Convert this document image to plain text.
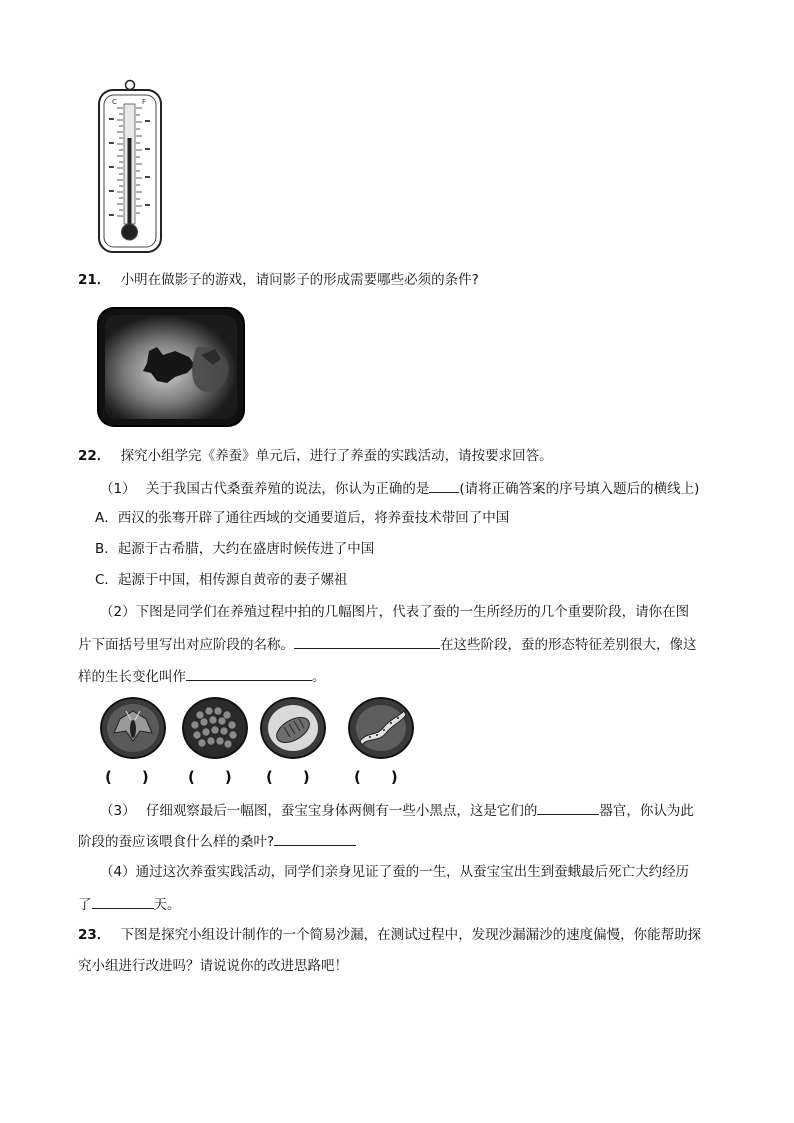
C	F
21． 小明在做影子的游戏，请问影子的形成需要哪些必须的条件?
22． 探究小组学完《养蚕》单元后，进行了养蚕的实践活动，请按要求回答。
（1） 关于我国古代桑蚕养殖的说法，你认为正确的是 (请将正确答案的序号填入题后的横线上)
A．西汉的张骞开辟了通往西域的交通要道后，将养蚕技术带回了中国
B．起源于古希腊，大约在盛唐时候传进了中国
C．起源于中国，相传源自黄帝的妻子嫘祖
（2）下图是同学们在养殖过程中拍的几幅图片，代表了蚕的一生所经历的几个重要阶段，请你在图
片下面括号里写出对应阶段的名称。	在这些阶段，蚕的形态特征差别很大，像这
样的生长变化叫作	。
(　　)	(　　) (　　)	(　　)
（3） 仔细观察最后一幅图，蚕宝宝身体两侧有一些小黑点，这是它们的	器官，你认为此
阶段的蚕应该喂食什么样的桑叶?
（4）通过这次养蚕实践活动，同学们亲身见证了蚕的一生，从蚕宝宝出生到蚕蛾最后死亡大约经历
了	天。
23． 下图是探究小组设计制作的一个简易沙漏，在测试过程中，发现沙漏漏沙的速度偏慢，你能帮助探
究小组进行改进吗？请说说你的改进思路吧！
